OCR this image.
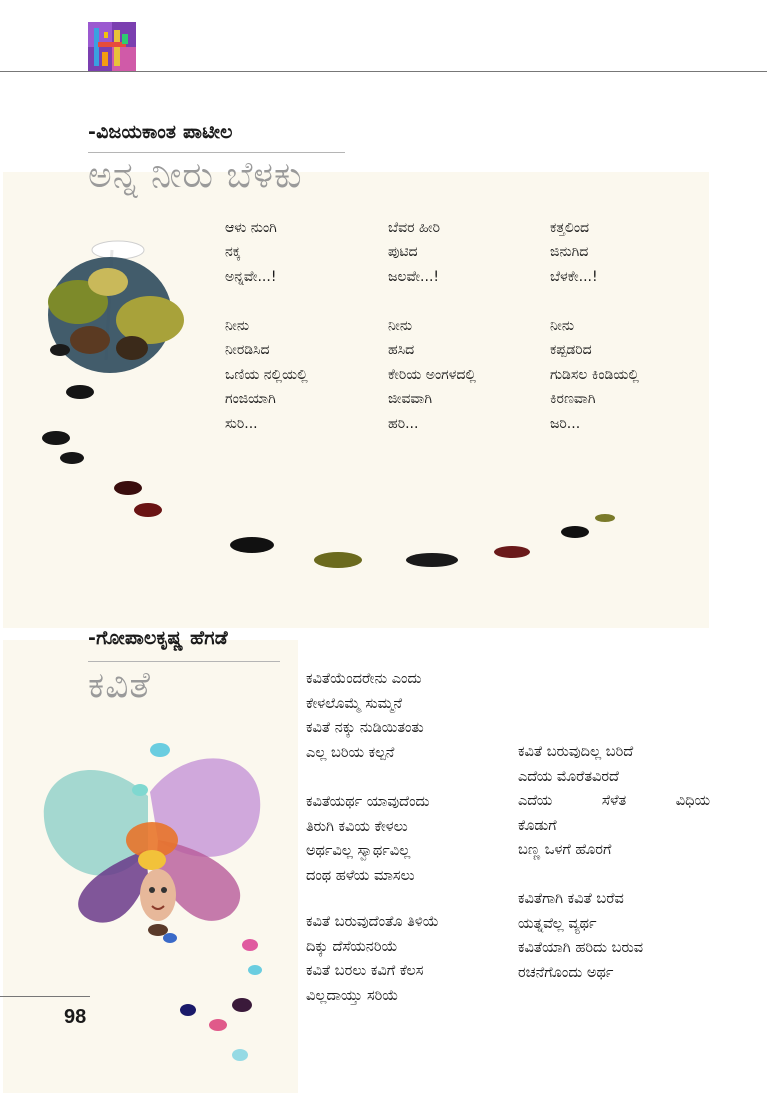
-ವಿಜಯಕಾಂತ ಪಾಟೀಲ
ಅನ್ನ ನೀರು ಬೆಳಕು
ಆಳು ನುಂಗಿ
ನಕ್ಕ
ಅನ್ನವೇ...!
ಬೆವರ ಹೀರಿ
ಪುಟಿದ
ಜಲವೇ...!
ಕತ್ತಲಿಂದ
ಜಿನುಗಿದ
ಬೆಳಕೇ...!
ನೀನು
ನೀರಡಿಸಿದ
ಒಣಿಯ ನಲ್ಲಿಯಲ್ಲಿ
ಗಂಜಿಯಾಗಿ
ಸುರಿ...
ನೀನು
ಹಸಿದ
ಕೇರಿಯ ಅಂಗಳದಲ್ಲಿ
ಜೀವವಾಗಿ
ಹರಿ...
ನೀನು
ಕಪ್ಪಡರಿದ
ಗುಡಿಸಲ ಕಿಂಡಿಯಲ್ಲಿ
ಕಿರಣವಾಗಿ
ಜರಿ...
-ಗೋಪಾಲಕೃಷ್ಣ ಹೆಗಡೆ
ಕವಿತೆ	ಕವಿತೆಯೆಂದರೇನು ಎಂದು
ಕೇಳಲೊಮ್ಮೆ ಸುಮ್ಮನೆ
ಕವಿತೆ ನಕ್ಕು ನುಡಿಯಿತಂತು
ಎಲ್ಲ ಬರಿಯ ಕಲ್ಪನೆ
ಕವಿತೆಯರ್ಥ ಯಾವುದೆಂದು
ತಿರುಗಿ ಕವಿಯ ಕೇಳಲು
ಅರ್ಥವಿಲ್ಲ ಸ್ವಾರ್ಥವಿಲ್ಲ
ದಂಥ ಹಳೆಯ ಮಾಸಲು
ಕವಿತೆ ಬರುವುದೆಂತೊ ತಿಳಿಯೆ
ದಿಕ್ಕು ದೆಸೆಯನರಿಯೆ
ಕವಿತೆ ಬರಲು ಕವಿಗೆ ಕೆಲಸ
ವಿಲ್ಲದಾಯ್ತು ಸರಿಯೆ
ಕವಿತೆ ಬರುವುದಿಲ್ಲ ಬರಿದೆ
ಎದೆಯ ಮೊರೆತವಿರದೆ
ಎದೆಯ	ಸೆಳೆತ	ವಿಧಿಯ
ಕೊಡುಗೆ
ಬಣ್ಣ ಒಳಗೆ ಹೊರಗೆ
ಕವಿತೆಗಾಗಿ ಕವಿತೆ ಬರೆವ
ಯತ್ನವೆಲ್ಲ ವ್ಯರ್ಥ
ಕವಿತೆಯಾಗಿ ಹರಿದು ಬರುವ
ರಚನೆಗೊಂದು ಅರ್ಥ
98
